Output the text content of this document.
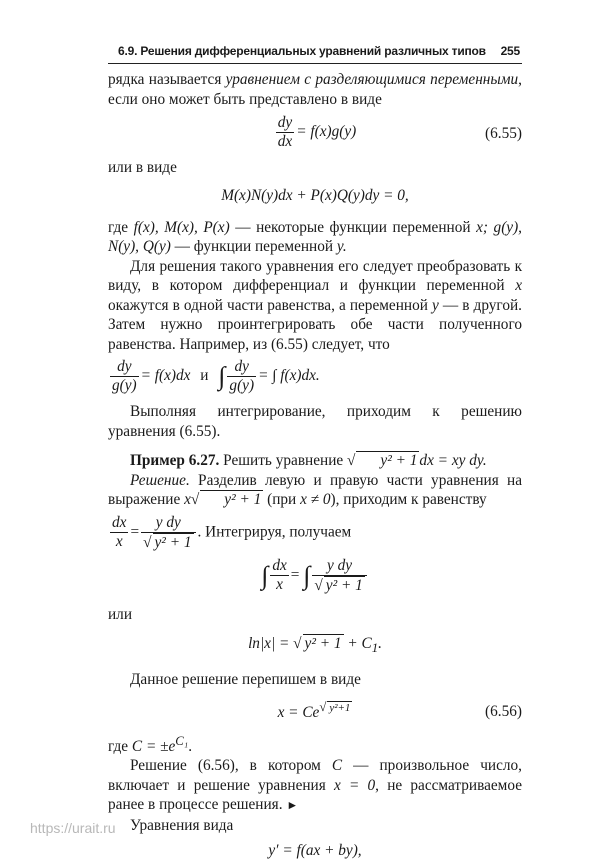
6.9. Решения дифференциальных уравнений различных типов 255

рядка называется уравнением с разделяющимися переменными, если оно может быть представлено в виде

$\frac{dy}{dx} = f(x)g(y)$	(6.55)

или в виде

M(x)N(y)dx + P(x)Q(y)dy = 0,

где f(x), M(x), P(x) — некоторые функции переменной x; g(y), N(y), Q(y) — функции переменной y.

Для решения такого уравнения его следует преобразовать к виду, в котором дифференциал и функции переменной x окажутся в одной части равенства, а переменной y — в другой. Затем нужно проинтегрировать обе части полученного равенства. Например, из (6.55) следует, что

$\frac{dy}{g(y)} = f(x)dx$ и ∫ $\frac{dy}{g(y)}$ = ∫ f(x)dx.

Выполняя интегрирование, приходим к решению уравнения (6.55).

Пример 6.27. Решить уравнение √ y² + 1 dx = xy dy.

Решение. Разделив левую и правую части уравнения на выражение x√ y² + 1 (при x ≠ 0), приходим к равенству

$\frac{dx}{x} = \frac{\text{y dy}}{\text{√ y² + 1}}$ . Интегрируя, получаем
∫ $\frac{dx}{x}$ = ∫ $\frac{\text{y dy}}{\text{√ y² + 1}}$

или

ln|x| = √ $y^2 + 1 + C_1$.

Данное решение перепишем в виде

$x = Ce^{√ y^2+1}$	(6.56)

где $C = \pm e^{C_1}$.

Решение (6.56), в котором C — произвольное число, включает и решение уравнения x = 0, не рассматриваемое ранее в процессе решения. ►

Уравнения вида

y′ = f(ax + by),
https://urait.ru
